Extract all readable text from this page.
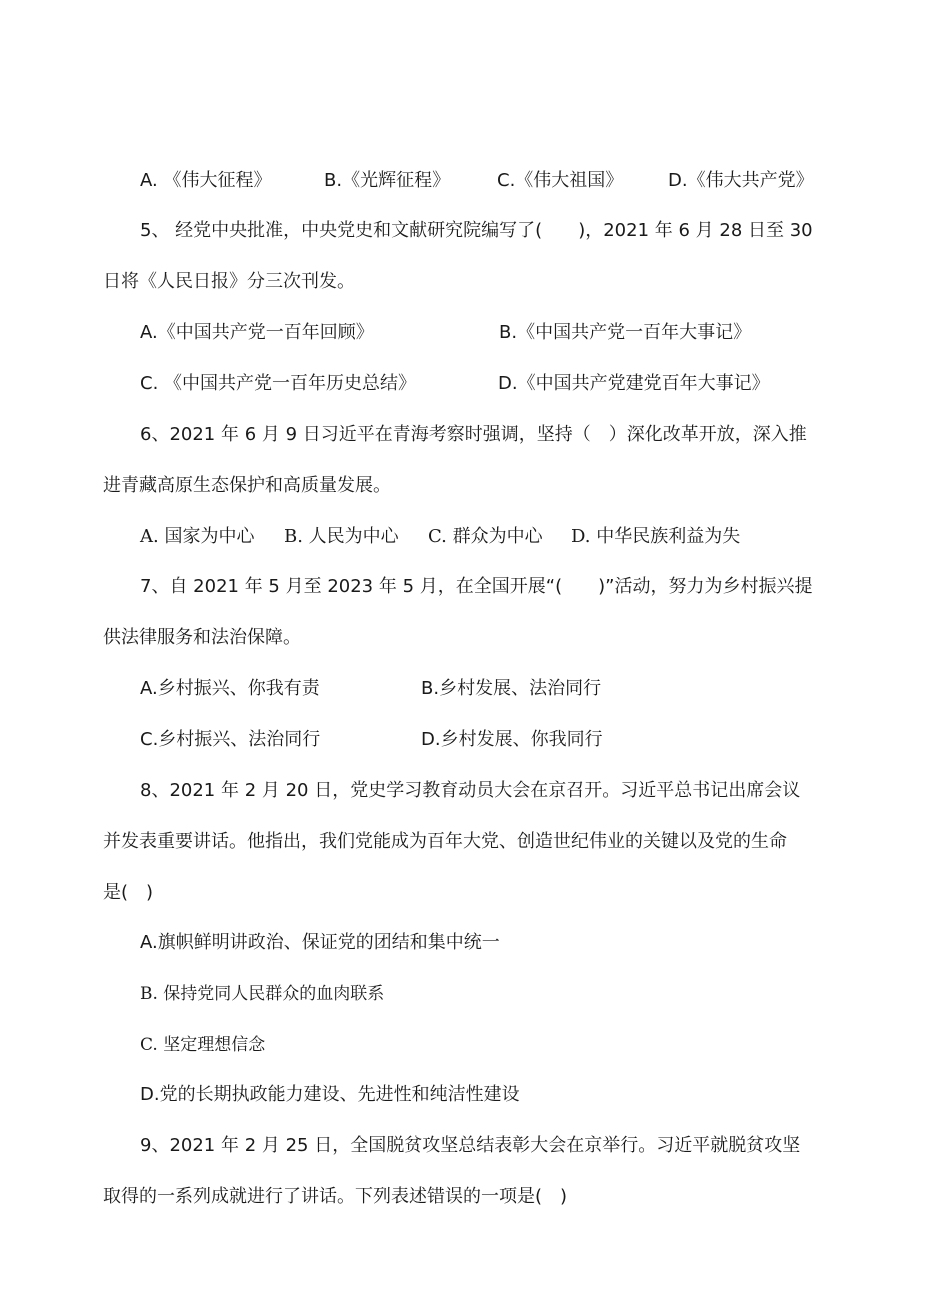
A. 《伟大征程》	B.《光辉征程》	C.《伟大祖国》 D.《伟大共产党》
5、 经党中央批准，中央党史和文献研究院编写了(　　)，2021 年 6 月 28 日至 30
日将《人民日报》分三次刊发。
A.《中国共产党一百年回顾》	B.《中国共产党一百年大事记》
C. 《中国共产党一百年历史总结》	D.《中国共产党建党百年大事记》
6、2021 年 6 月 9 日习近平在青海考察时强调，坚持（　）深化改革开放，深入推
进青藏高原生态保护和高质量发展。
A. 国家为中心 B. 人民为中心 C. 群众为中心 D. 中华民族利益为失
7、自 2021 年 5 月至 2023 年 5 月，在全国开展“(　　)”活动，努力为乡村振兴提
供法律服务和法治保障。
A.乡村振兴、你我有责	B.乡村发展、法治同行
C.乡村振兴、法治同行	D.乡村发展、你我同行
8、2021 年 2 月 20 日，党史学习教育动员大会在京召开。习近平总书记出席会议
并发表重要讲话。他指出，我们党能成为百年大党、创造世纪伟业的关键以及党的生命
是(　)
A.旗帜鲜明讲政治、保证党的团结和集中统一
B. 保持党同人民群众的血肉联系
C. 坚定理想信念
D.党的长期执政能力建设、先进性和纯洁性建设
9、2021 年 2 月 25 日，全国脱贫攻坚总结表彰大会在京举行。习近平就脱贫攻坚
取得的一系列成就进行了讲话。下列表述错误的一项是(　)
